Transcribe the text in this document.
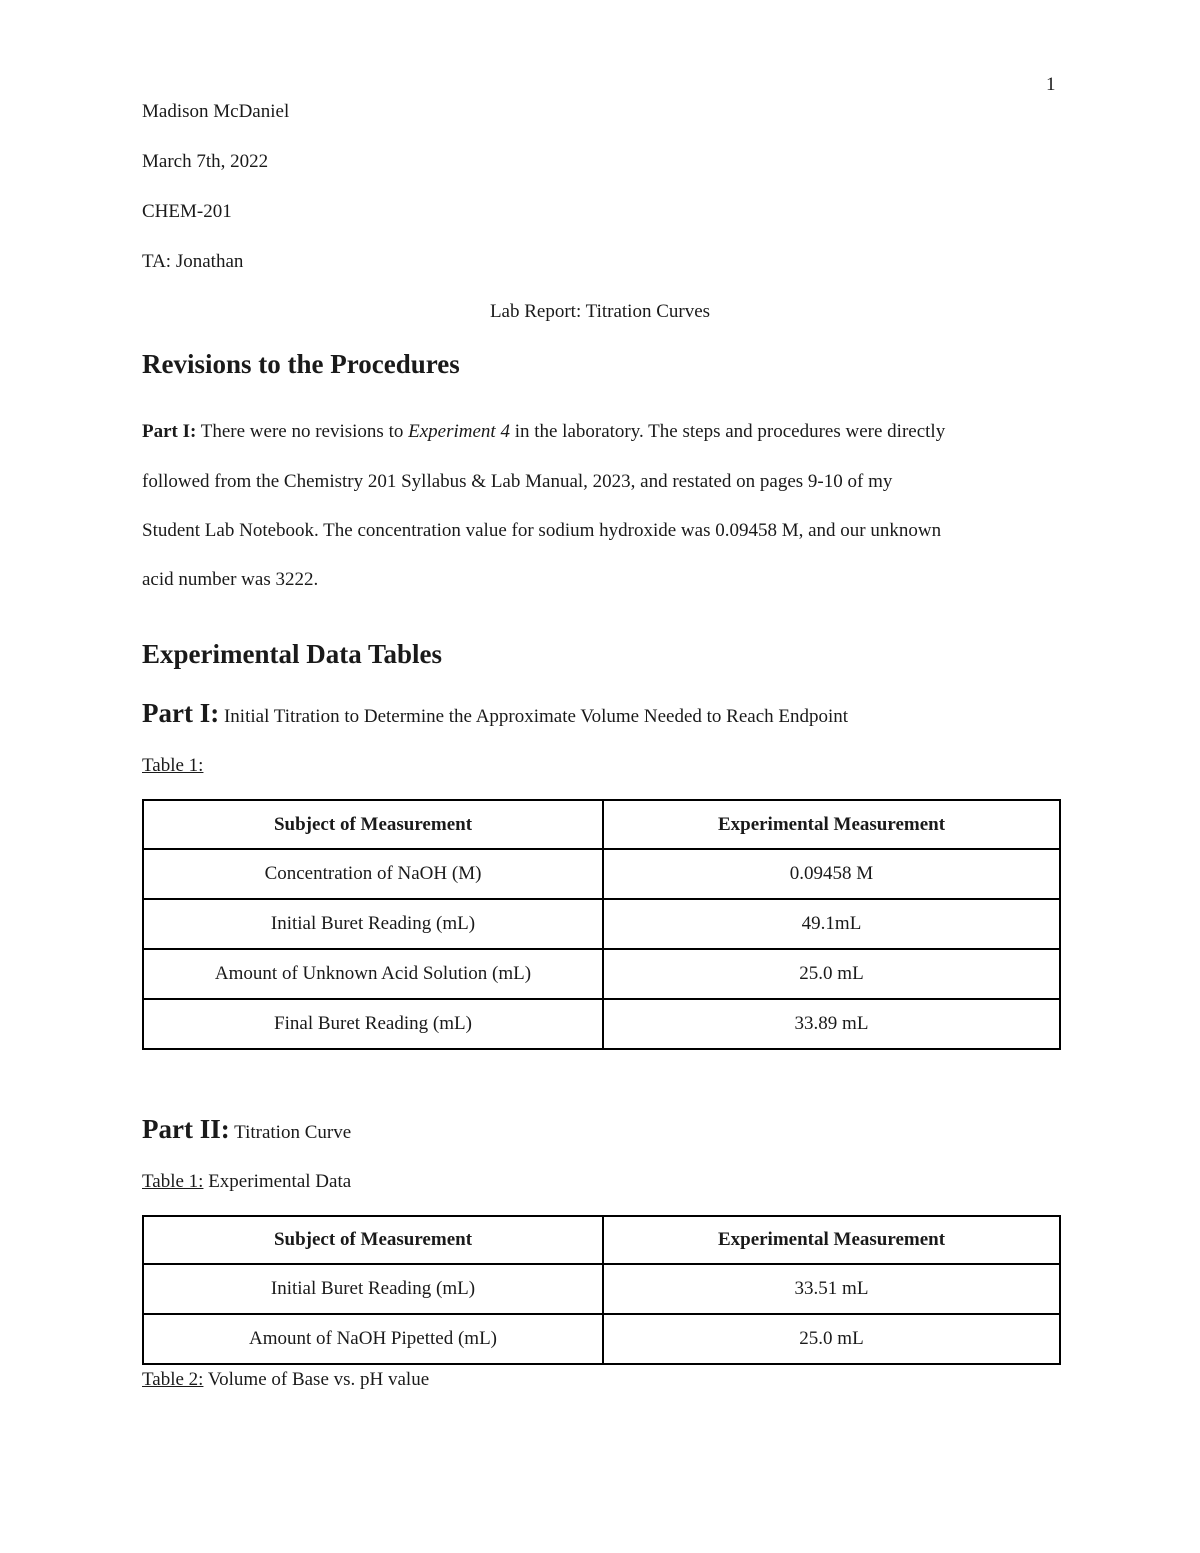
1
Madison McDaniel
March 7th, 2022
CHEM-201
TA: Jonathan
Lab Report: Titration Curves
Revisions to the Procedures
Part I: There were no revisions to Experiment 4 in the laboratory. The steps and procedures were directly
followed from the Chemistry 201 Syllabus & Lab Manual, 2023, and restated on pages 9-10 of my
Student Lab Notebook. The concentration value for sodium hydroxide was 0.09458 M, and our unknown
acid number was 3222.
Experimental Data Tables
Part I: Initial Titration to Determine the Approximate Volume Needed to Reach Endpoint
Table 1:
Subject of Measurement	Experimental Measurement
Concentration of NaOH (M)	0.09458 M
Initial Buret Reading (mL)	49.1mL
Amount of Unknown Acid Solution (mL)	25.0 mL
Final Buret Reading (mL)	33.89 mL
Part II: Titration Curve
Table 1: Experimental Data
Subject of Measurement	Experimental Measurement
Initial Buret Reading (mL)	33.51 mL
Amount of NaOH Pipetted (mL)	25.0 mL
Table 2: Volume of Base vs. pH value
